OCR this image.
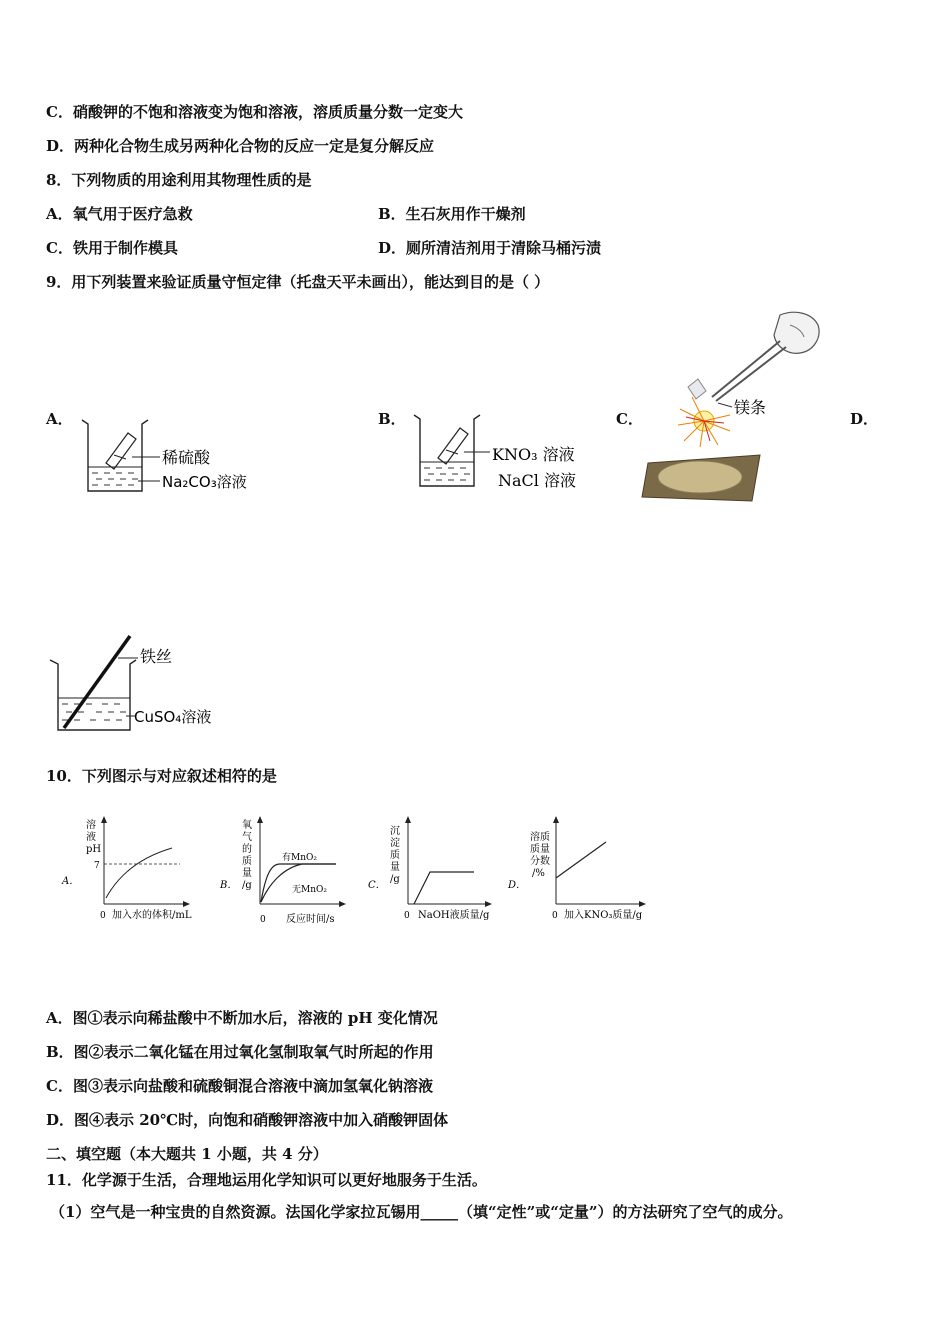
C．硝酸钾的不饱和溶液变为饱和溶液，溶质质量分数一定变大
D．两种化合物生成另两种化合物的反应一定是复分解反应
8．下列物质的用途利用其物理性质的是
A．氧气用于医疗急救	B．生石灰用作干燥剂
C．铁用于制作模具	D．厕所清洁剂用于清除马桶污渍
9．用下列装置来验证质量守恒定律（托盘天平未画出），能达到目的是（ ）
A．	B．	C．	D．
稀硫酸
Na₂CO₃溶液
KNO₃ 溶液
NaCl 溶液
镁条
铁丝
CuSO₄溶液
10．下列图示与对应叙述相符的是
溶
液
pH
7
A．
0 加入水的体积/mL
氧
气
的
质
量
/g
B．
有MnO₂
无MnO₂
0 反应时间/s
沉
淀
质
量
/g
C．
0 NaOH液质量/g
溶质
质量
分数
/%
D．
0 加入KNO₃质量/g
A．图①表示向稀盐酸中不断加水后，溶液的 pH 变化情况
B．图②表示二氧化锰在用过氧化氢制取氧气时所起的作用
C．图③表示向盐酸和硫酸铜混合溶液中滴加氢氧化钠溶液
D．图④表示 20℃时，向饱和硝酸钾溶液中加入硝酸钾固体
二、填空题（本大题共 1 小题，共 4 分）
11．化学源于生活，合理地运用化学知识可以更好地服务于生活。
（1）空气是一种宝贵的自然资源。法国化学家拉瓦锡用_____（填“定性”或“定量”）的方法研究了空气的成分。
